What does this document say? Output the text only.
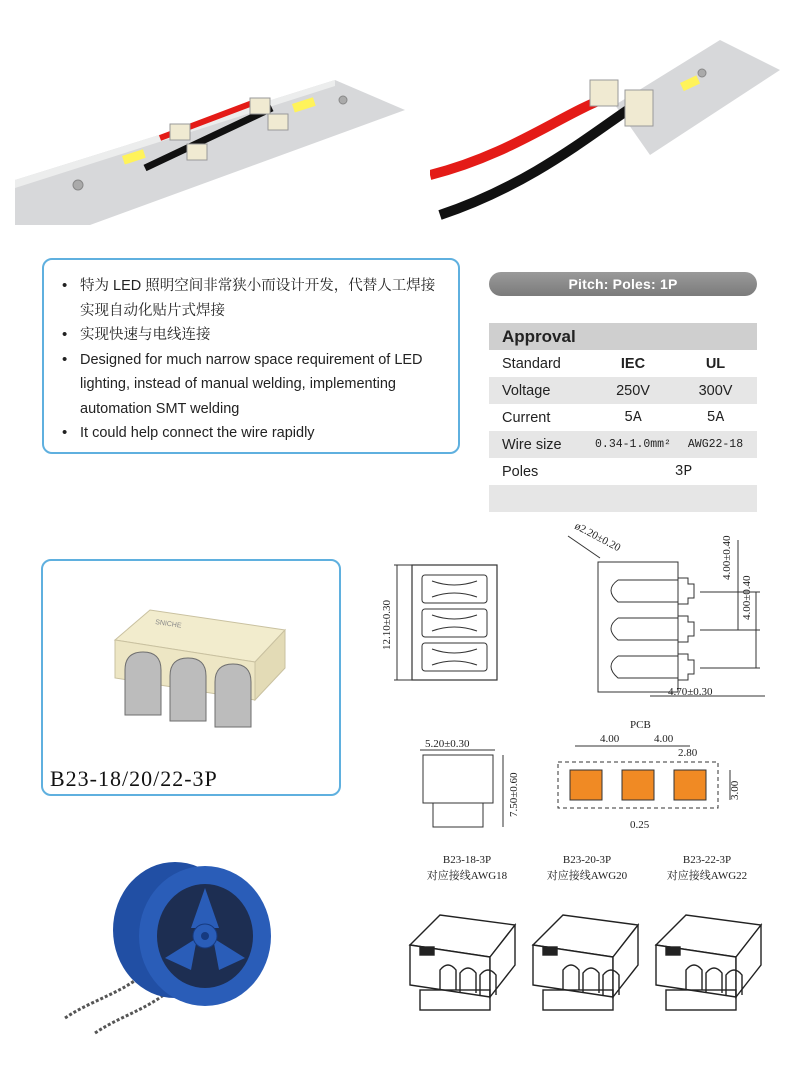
• 特为 LED 照明空间非常狭小而设计开发，代替人工焊接实现自动化贴片式焊接
• 实现快速与电线连接
• Designed for much narrow space requirement of LED lighting, instead of manual welding, implementing automation SMT welding
• It could help connect the wire rapidly
Pitch: Poles: 1P
Approval		
Standard	IEC	UL
Voltage	250V	300V
Current	5A	5A
Wire size	0.34-1.0mm²	AWG22-18
Poles	3P	

SNICHE
B23-18/20/22-3P
12.10±0.30
ø2.20±0.20	4.00±0.40
4.00±0.40
4.70±0.30
5.20±0.30
7.50±0.60
PCB
4.00	4.00
2.80
3.00
0.25
B23-18-3P
对应接线AWG18
B23-20-3P
对应接线AWG20
B23-22-3P
对应接线AWG22
